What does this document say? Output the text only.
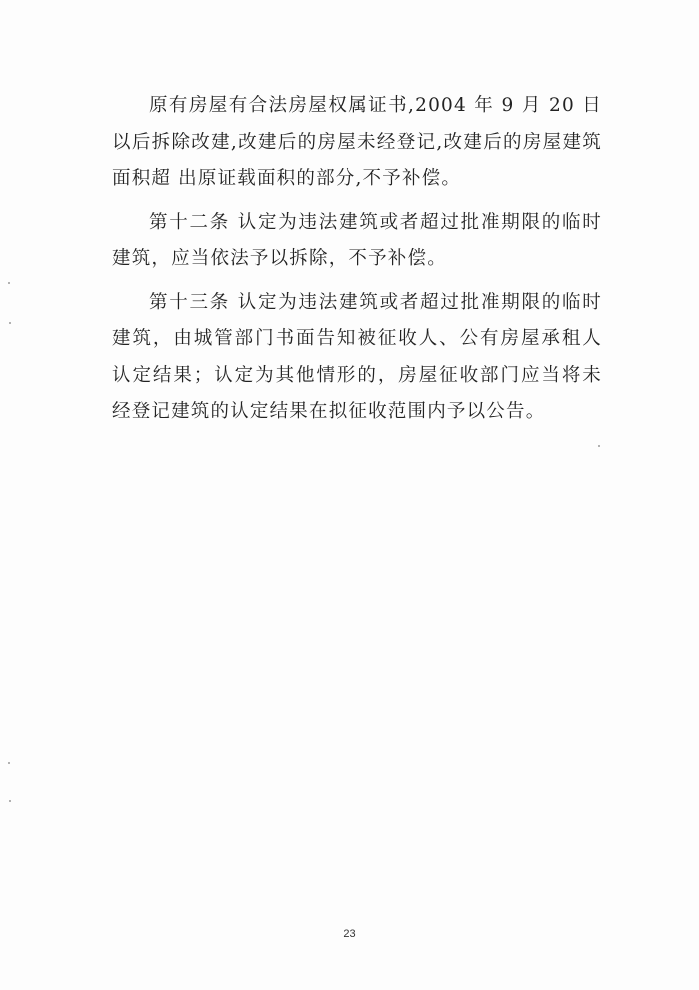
原有房屋有合法房屋权属证书,2004 年 9 月 20 日以后拆除改建,改建后的房屋未经登记,改建后的房屋建筑面积超 出原证载面积的部分,不予补偿。

第十二条 认定为违法建筑或者超过批准期限的临时建筑，应当依法予以拆除，不予补偿。

第十三条 认定为违法建筑或者超过批准期限的临时建筑，由城管部门书面告知被征收人、公有房屋承租人认定结果；认定为其他情形的，房屋征收部门应当将未经登记建筑的认定结果在拟征收范围内予以公告。

23
